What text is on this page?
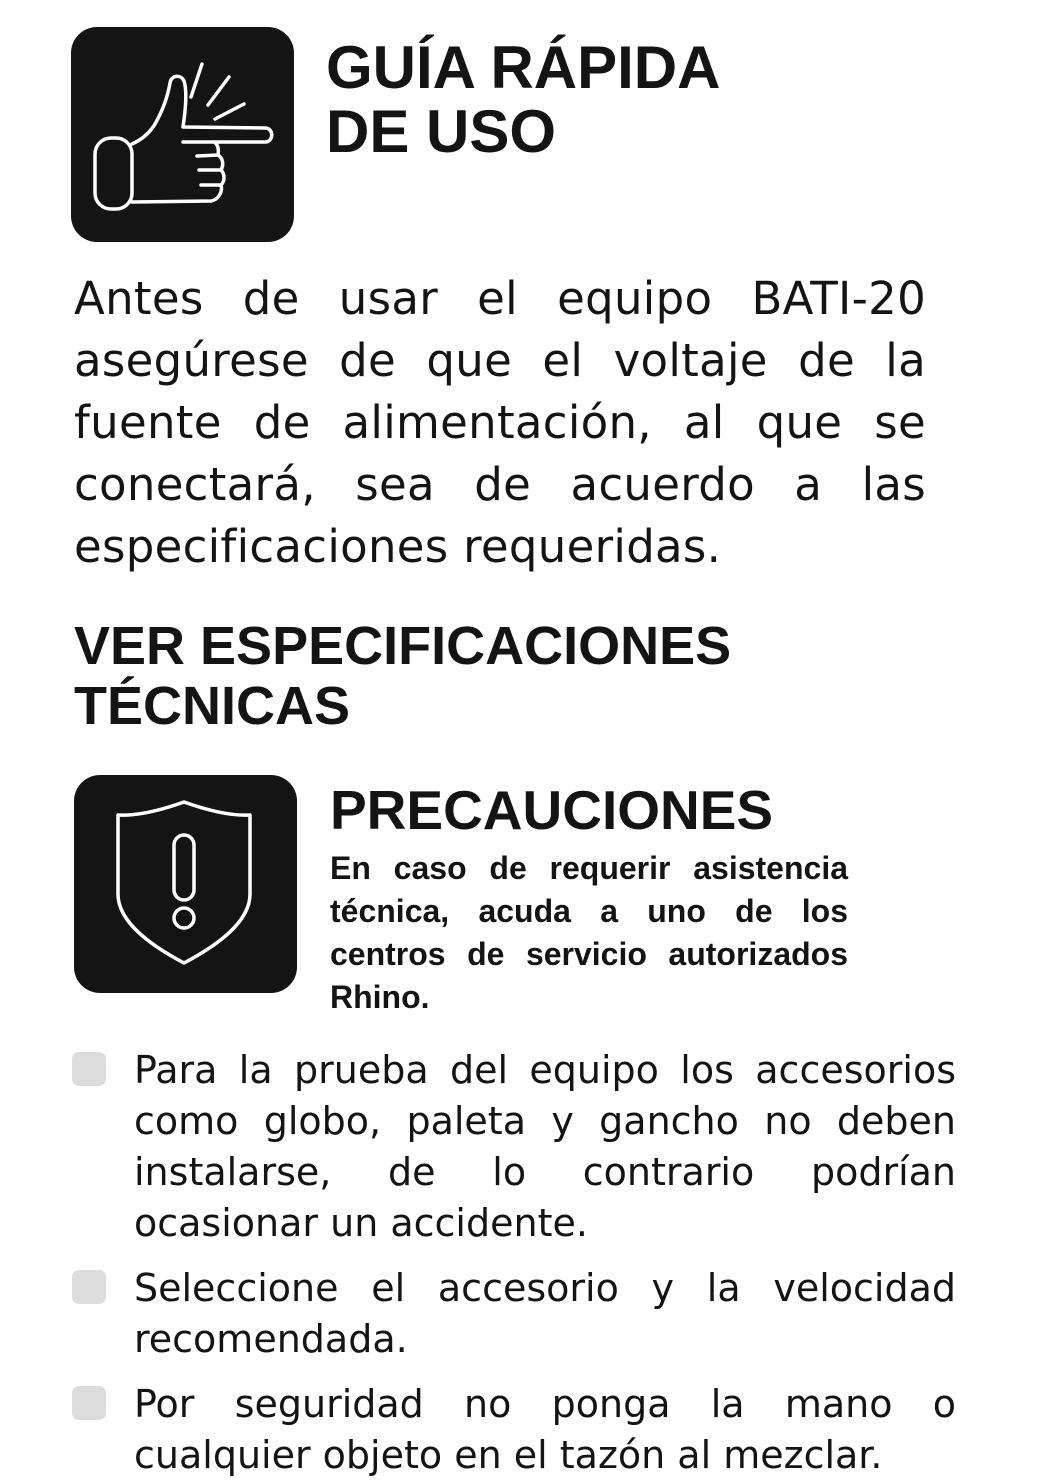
GUÍA RÁPIDA
DE USO

Antes de usar el equipo BATI-20 asegúrese de que el voltaje de la fuente de alimentación, al que se conectará, sea de acuerdo a las especificaciones requeridas.

VER ESPECIFICACIONES
TÉCNICAS
PRECAUCIONES

En caso de requerir asistencia técnica, acuda a uno de los centros de servicio autorizados Rhino.

Para la prueba del equipo los accesorios como globo, paleta y gancho no deben instalarse, de lo contrario podrían ocasionar un accidente.
Seleccione el accesorio y la velocidad recomendada.
Por seguridad no ponga la mano o cualquier objeto en el tazón al mezclar.
